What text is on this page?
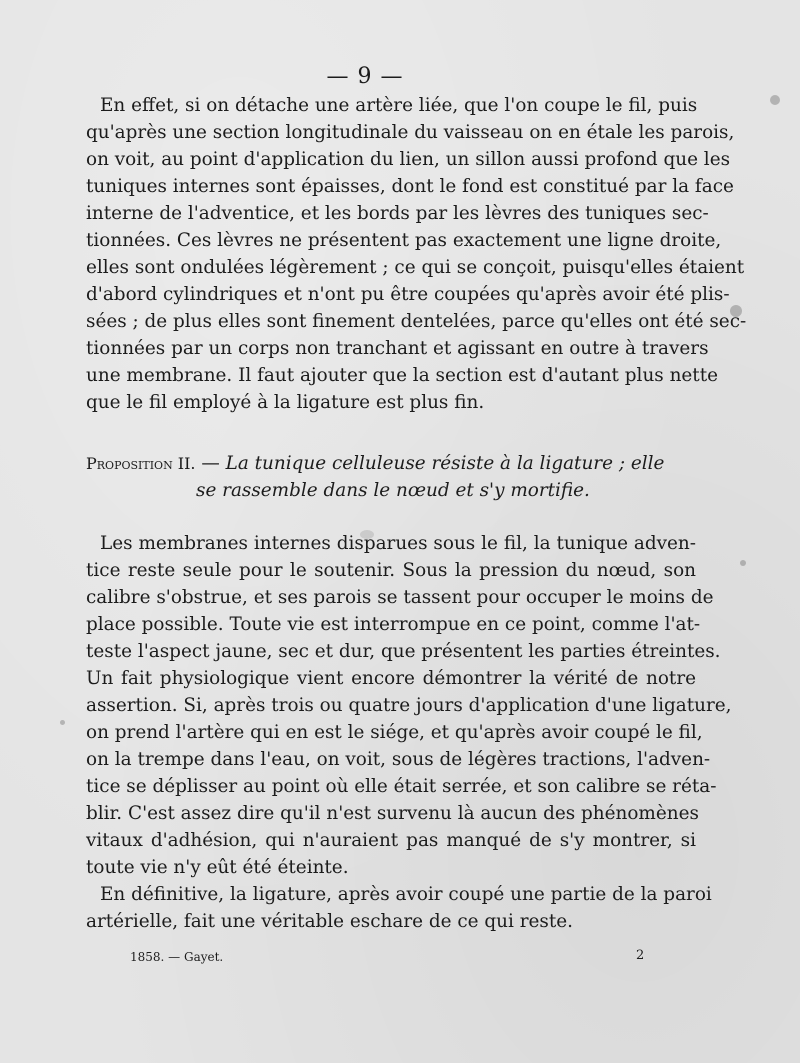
— 9 —
En effet, si on détache une artère liée, que l'on coupe le fil, puis
qu'après une section longitudinale du vaisseau on en étale les parois,
on voit, au point d'application du lien, un sillon aussi profond que les
tuniques internes sont épaisses, dont le fond est constitué par la face
interne de l'adventice, et les bords par les lèvres des tuniques sec-
tionnées. Ces lèvres ne présentent pas exactement une ligne droite,
elles sont ondulées légèrement ; ce qui se conçoit, puisqu'elles étaient
d'abord cylindriques et n'ont pu être coupées qu'après avoir été plis-
sées ; de plus elles sont finement dentelées, parce qu'elles ont été sec-
tionnées par un corps non tranchant et agissant en outre à travers
une membrane. Il faut ajouter que la section est d'autant plus nette
que le fil employé à la ligature est plus fin.
Proposition II. — La tunique celluleuse résiste à la ligature ; elle
se rassemble dans le nœud et s'y mortifie.
Les membranes internes disparues sous le fil, la tunique adven-
tice reste seule pour le soutenir. Sous la pression du nœud, son
calibre s'obstrue, et ses parois se tassent pour occuper le moins de
place possible. Toute vie est interrompue en ce point, comme l'at-
teste l'aspect jaune, sec et dur, que présentent les parties étreintes.
Un fait physiologique vient encore démontrer la vérité de notre
assertion. Si, après trois ou quatre jours d'application d'une ligature,
on prend l'artère qui en est le siége, et qu'après avoir coupé le fil,
on la trempe dans l'eau, on voit, sous de légères tractions, l'adven-
tice se déplisser au point où elle était serrée, et son calibre se réta-
blir. C'est assez dire qu'il n'est survenu là aucun des phénomènes
vitaux d'adhésion, qui n'auraient pas manqué de s'y montrer, si
toute vie n'y eût été éteinte.
En définitive, la ligature, après avoir coupé une partie de la paroi
artérielle, fait une véritable eschare de ce qui reste.
1858. — Gayet.	2
